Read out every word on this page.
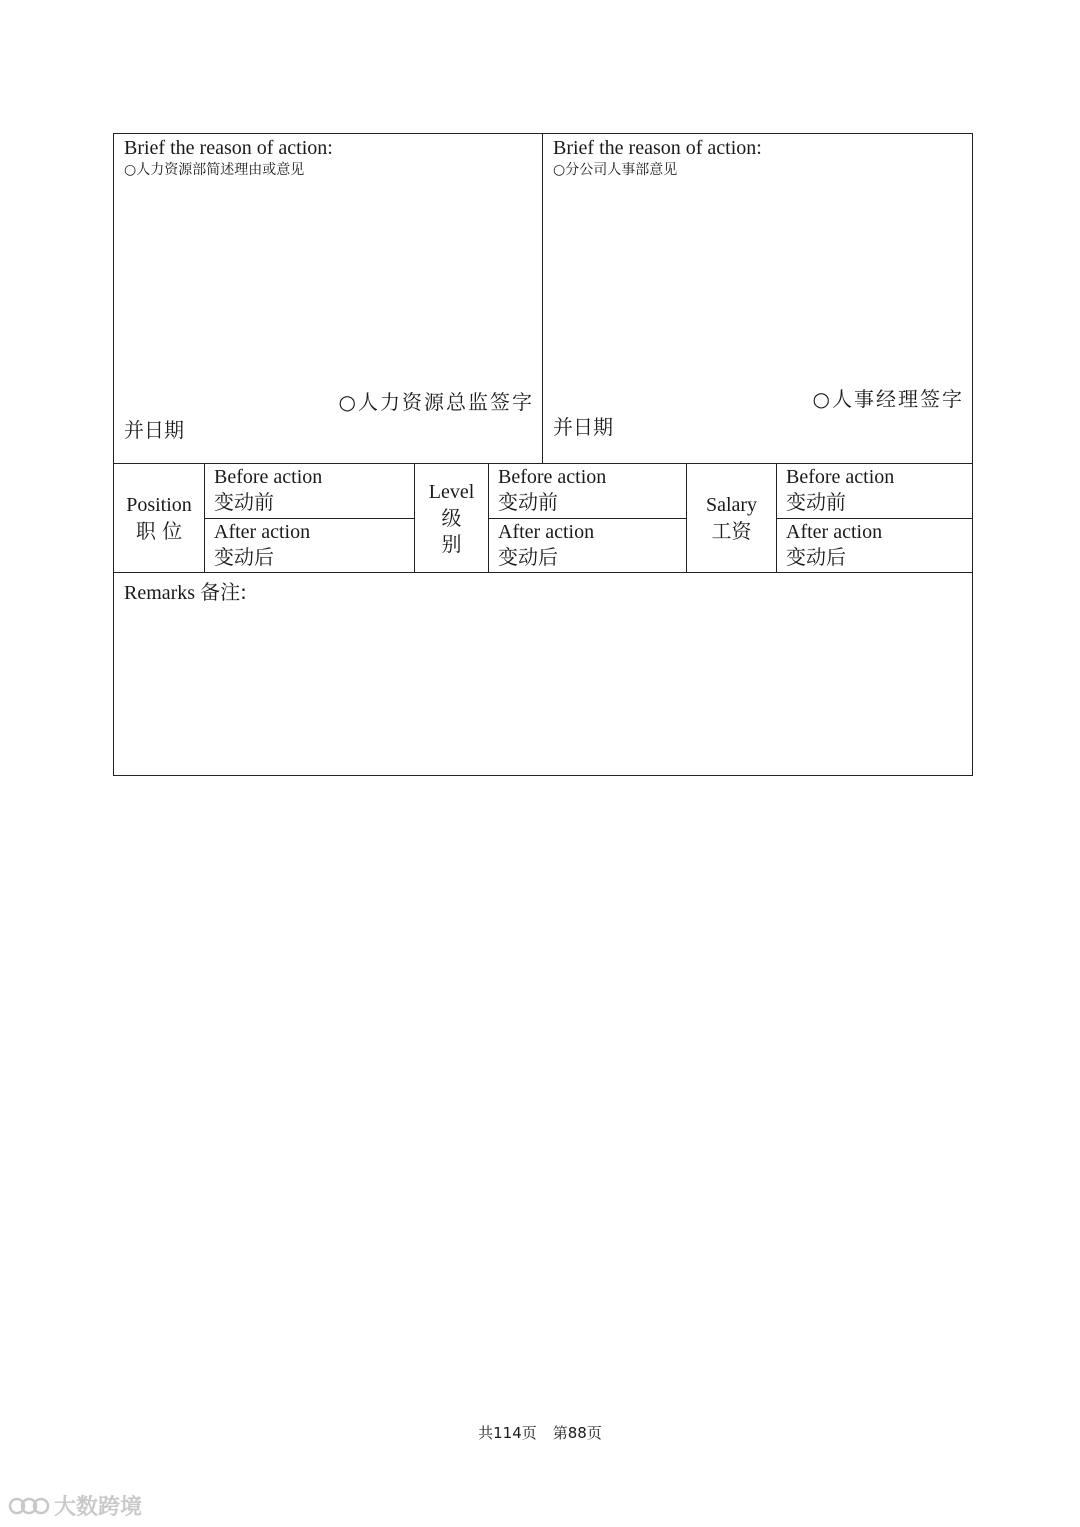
Brief the reason of action:
○人力资源部简述理由或意见
○人力资源总监签字
并日期
Brief the reason of action:
○分公司人事部意见
○人事经理签字
并日期
Position
职 位
Before action
变动前
After action
变动后
Level
级
别
Before action
变动前
After action
变动后
Salary
工资
Before action
变动前
After action
变动后
Remarks 备注:
共114页 第88页
大数跨境
